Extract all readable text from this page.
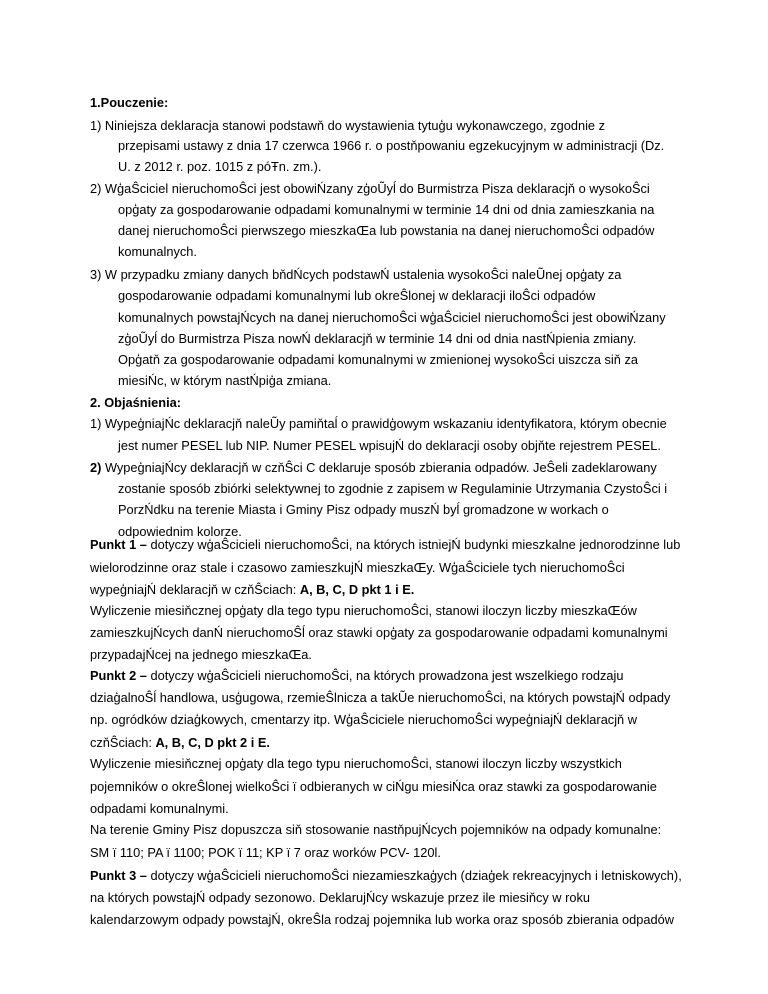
1.Pouczenie:
1) Niniejsza deklaracja stanowi podstawň do wystawienia tytuģu wykonawczego, zgodnie z
przepisami ustawy z dnia 17 czerwca 1966 r. o postňpowaniu egzekucyjnym w administracji (Dz.
U. z 2012 r. poz. 1015 z póŦn. zm.).
2) WģaŜciciel nieruchomoŜci jest obowiŃzany zģoŨyĺ do Burmistrza Pisza deklaracjň o wysokoŜci
opģaty za gospodarowanie odpadami komunalnymi w terminie 14 dni od dnia zamieszkania na
danej nieruchomoŜci pierwszego mieszkaŒa lub powstania na danej nieruchomoŜci odpadów
komunalnych.
3) W przypadku zmiany danych bňdŃcych podstawŃ ustalenia wysokoŜci naleŨnej opģaty za
gospodarowanie odpadami komunalnymi lub okreŜlonej w deklaracji iloŜci odpadów
komunalnych powstajŃcych na danej nieruchomoŜci wģaŜciciel nieruchomoŜci jest obowiŃzany
zģoŨyĺ do Burmistrza Pisza nowŃ deklaracjň w terminie 14 dni od dnia nastŃpienia zmiany.
Opģatň za gospodarowanie odpadami komunalnymi w zmienionej wysokoŜci uiszcza siň za
miesiŃc, w którym nastŃpiģa zmiana.
2. Objaśnienia:
1) WypeģniajŃc deklaracjň naleŨy pamiňtaĺ o prawidģowym wskazaniu identyfikatora, którym obecnie
jest numer PESEL lub NIP. Numer PESEL wpisujŃ do deklaracji osoby objňte rejestrem PESEL.
2) WypeģniajŃcy deklaracjň w czňŜci C deklaruje sposób zbierania odpadów. JeŜeli zadeklarowany
zostanie sposób zbiórki selektywnej to zgodnie z zapisem w Regulaminie Utrzymania CzystoŜci i
PorzŃdku na terenie Miasta i Gminy Pisz odpady muszŃ byĺ gromadzone w workach o
odpowiednim kolorze.
Punkt 1 – dotyczy wģaŜcicieli nieruchomoŜci, na których istniejŃ budynki mieszkalne jednorodzinne lub
wielorodzinne oraz stale i czasowo zamieszkujŃ mieszkaŒy. WģaŜciciele tych nieruchomoŜci
wypeģniajŃ deklaracjň w czňŜciach: A, B, C, D pkt 1 i E.
Wyliczenie miesiňcznej opģaty dla tego typu nieruchomoŜci, stanowi iloczyn liczby mieszkaŒów
zamieszkujŃcych danŃ nieruchomoŜĺ oraz stawki opģaty za gospodarowanie odpadami komunalnymi
przypadajŃcej na jednego mieszkaŒa.
Punkt 2 – dotyczy wģaŜcicieli nieruchomoŜci, na których prowadzona jest wszelkiego rodzaju
dziaģalnoŜĺ handlowa, usģugowa, rzemieŜlnicza a takŨe nieruchomoŜci, na których powstajŃ odpady
np. ogródków dziaģkowych, cmentarzy itp. WģaŜciciele nieruchomoŜci wypeģniajŃ deklaracjň w
czňŜciach: A, B, C, D pkt 2 i E.
Wyliczenie miesiňcznej opģaty dla tego typu nieruchomoŜci, stanowi iloczyn liczby wszystkich
pojemników o okreŜlonej wielkoŜci ï odbieranych w ciŃgu miesiŃca oraz stawki za gospodarowanie
odpadami komunalnymi.
Na terenie Gminy Pisz dopuszcza siň stosowanie nastňpujŃcych pojemników na odpady komunalne:
SM ï 110; PA ï 1100; POK ï 11; KP ï 7 oraz worków PCV- 120l.
Punkt 3 – dotyczy wģaŜcicieli nieruchomoŜci niezamieszkaģych (dziaģek rekreacyjnych i letniskowych),
na których powstajŃ odpady sezonowo. DeklarujŃcy wskazuje przez ile miesiňcy w roku
kalendarzowym odpady powstajŃ, okreŜla rodzaj pojemnika lub worka oraz sposób zbierania odpadów
